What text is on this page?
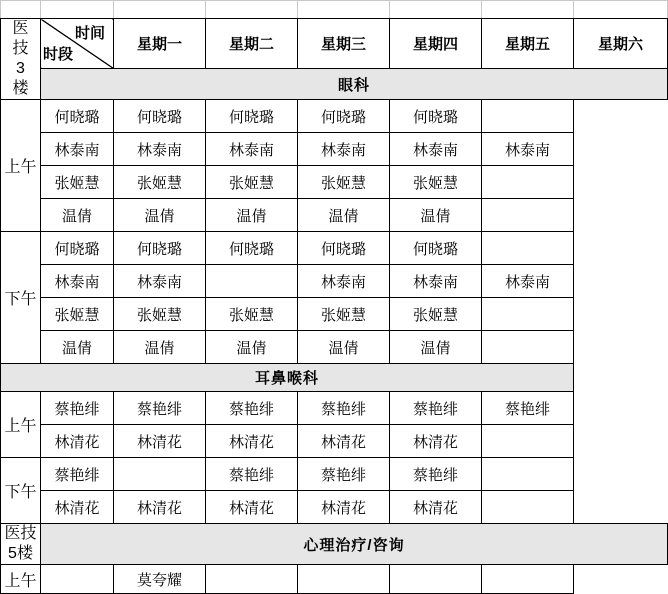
医
技
3
楼	时间
时段	星期一	星期二	星期三	星期四	星期五	星期六
	眼科						
上午	何晓璐	何晓璐	何晓璐	何晓璐	何晓璐		
	林泰南	林泰南	林泰南	林泰南	林泰南	林泰南	
	张姬慧	张姬慧	张姬慧	张姬慧	张姬慧		
	温倩	温倩	温倩	温倩	温倩		
下午	何晓璐	何晓璐	何晓璐	何晓璐	何晓璐		
	林泰南	林泰南		林泰南	林泰南	林泰南	
	张姬慧	张姬慧	张姬慧	张姬慧	张姬慧		
	温倩	温倩	温倩	温倩	温倩		
耳鼻喉科							
上午	蔡艳绯	蔡艳绯	蔡艳绯	蔡艳绯	蔡艳绯	蔡艳绯	
	林清花	林清花	林清花	林清花	林清花		
下午	蔡艳绯		蔡艳绯	蔡艳绯	蔡艳绯		
	林清花	林清花	林清花	林清花	林清花		

医技
5楼	心理治疗/咨询						
上午		莫夸耀					
